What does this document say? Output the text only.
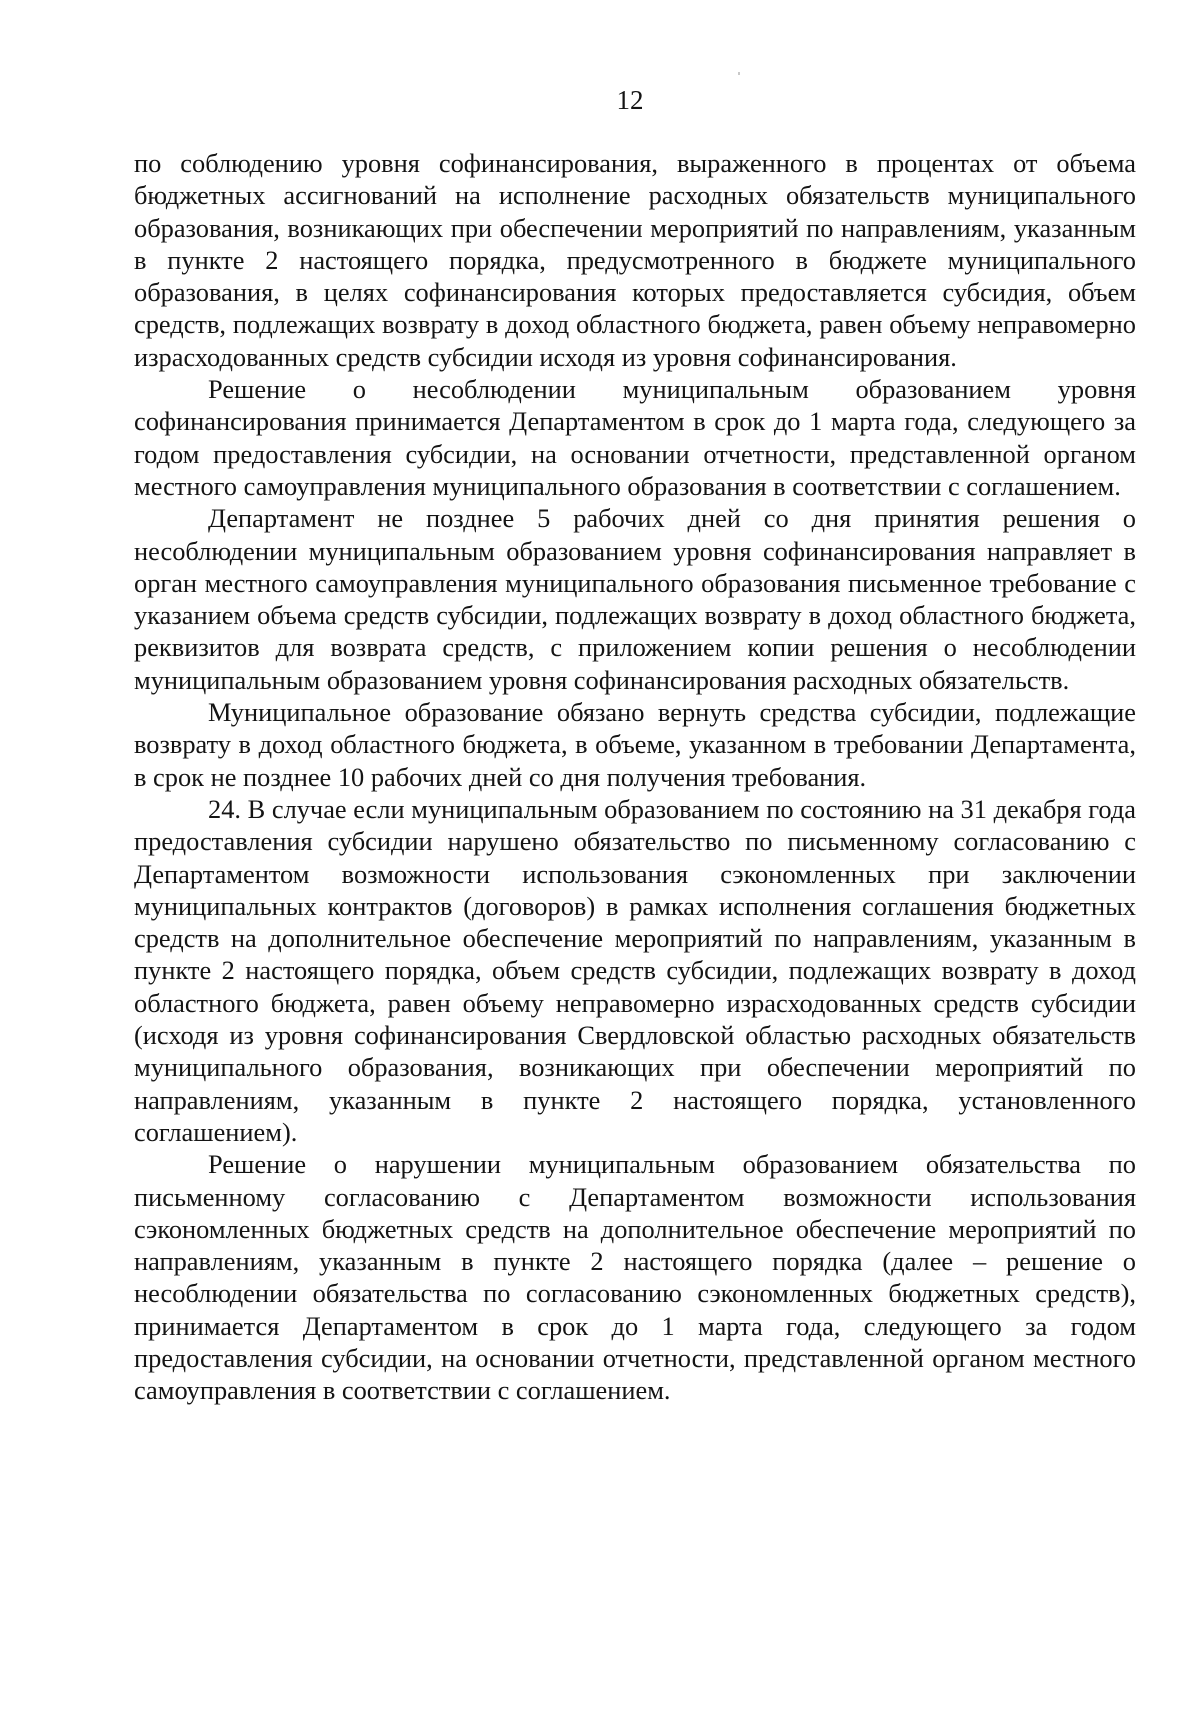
12

по соблюдению уровня софинансирования, выраженного в процентах от объема бюджетных ассигнований на исполнение расходных обязательств муниципального образования, возникающих при обеспечении мероприятий по направлениям, указанным в пункте 2 настоящего порядка, предусмотренного в бюджете муниципального образования, в целях софинансирования которых предоставляется субсидия, объем средств, подлежащих возврату в доход областного бюджета, равен объему неправомерно израсходованных средств субсидии исходя из уровня софинансирования.

Решение о несоблюдении муниципальным образованием уровня софинансирования принимается Департаментом в срок до 1 марта года, следующего за годом предоставления субсидии, на основании отчетности, представленной органом местного самоуправления муниципального образования в соответствии с соглашением.

Департамент не позднее 5 рабочих дней со дня принятия решения о несоблюдении муниципальным образованием уровня софинансирования направляет в орган местного самоуправления муниципального образования письменное требование с указанием объема средств субсидии, подлежащих возврату в доход областного бюджета, реквизитов для возврата средств, с приложением копии решения о несоблюдении муниципальным образованием уровня софинансирования расходных обязательств.

Муниципальное образование обязано вернуть средства субсидии, подлежащие возврату в доход областного бюджета, в объеме, указанном в требовании Департамента, в срок не позднее 10 рабочих дней со дня получения требования.

24. В случае если муниципальным образованием по состоянию на 31 декабря года предоставления субсидии нарушено обязательство по письменному согласованию с Департаментом возможности использования сэкономленных при заключении муниципальных контрактов (договоров) в рамках исполнения соглашения бюджетных средств на дополнительное обеспечение мероприятий по направлениям, указанным в пункте 2 настоящего порядка, объем средств субсидии, подлежащих возврату в доход областного бюджета, равен объему неправомерно израсходованных средств субсидии (исходя из уровня софинансирования Свердловской областью расходных обязательств муниципального образования, возникающих при обеспечении мероприятий по направлениям, указанным в пункте 2 настоящего порядка, установленного соглашением).

Решение о нарушении муниципальным образованием обязательства по письменному согласованию с Департаментом возможности использования сэкономленных бюджетных средств на дополнительное обеспечение мероприятий по направлениям, указанным в пункте 2 настоящего порядка (далее – решение о несоблюдении обязательства по согласованию сэкономленных бюджетных средств), принимается Департаментом в срок до 1 марта года, следующего за годом предоставления субсидии, на основании отчетности, представленной органом местного самоуправления в соответствии с соглашением.
